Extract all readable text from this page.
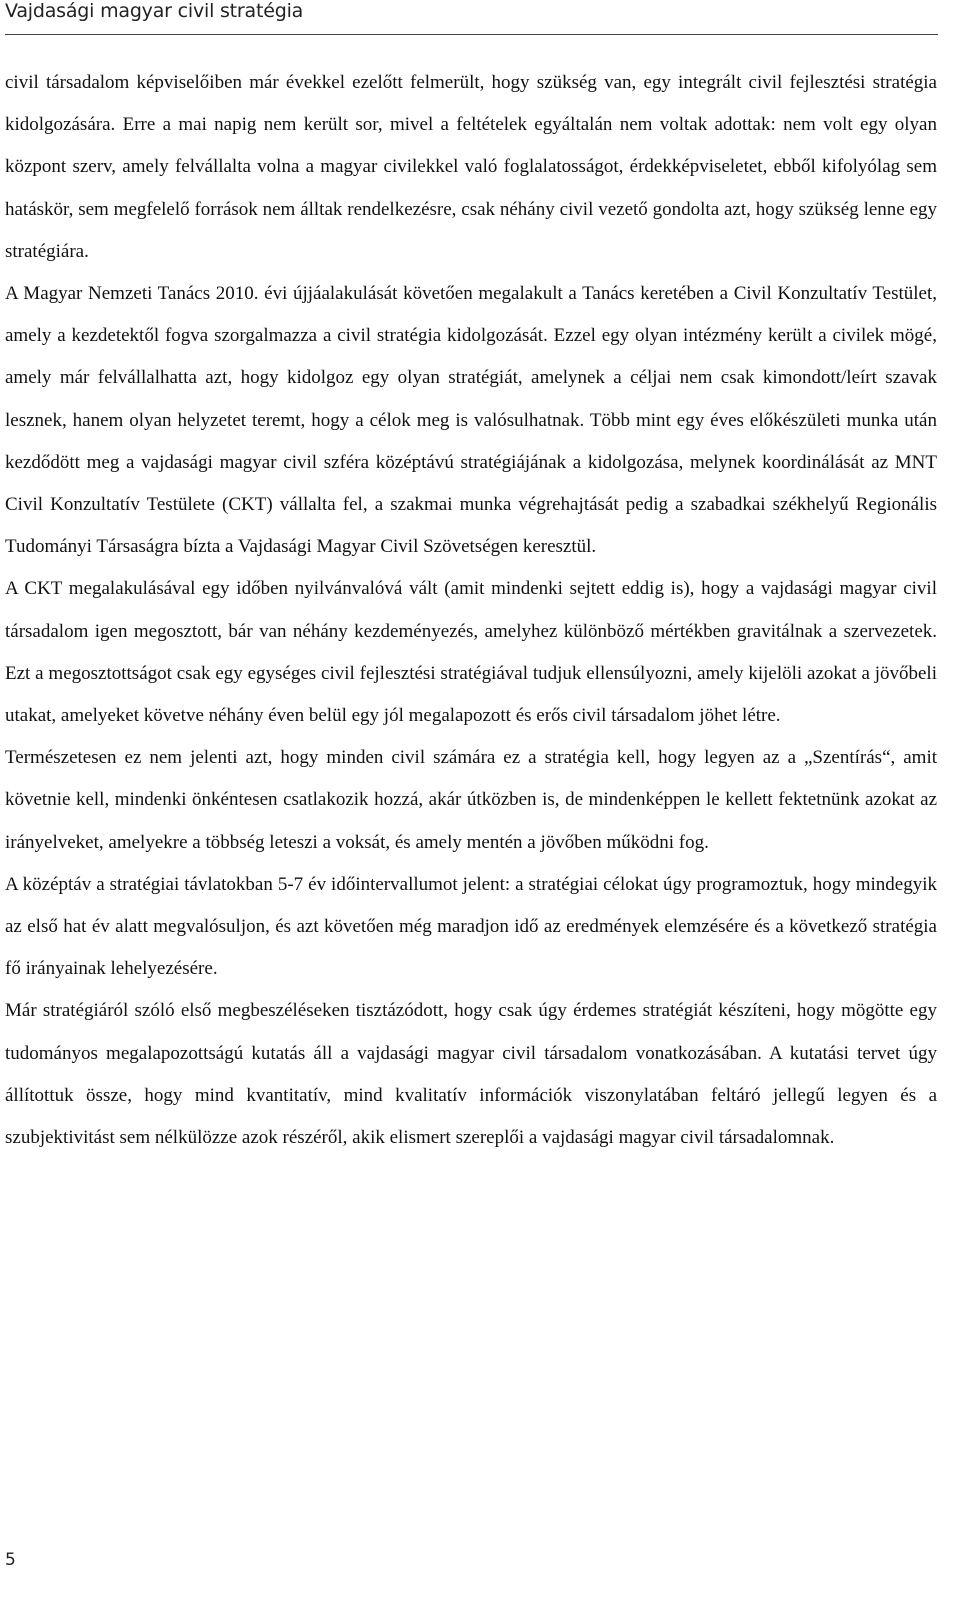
Vajdasági magyar civil stratégia

civil társadalom képviselőiben már évekkel ezelőtt felmerült, hogy szükség van, egy integrált civil fejlesztési stratégia kidolgozására. Erre a mai napig nem került sor, mivel a feltételek egyáltalán nem voltak adottak: nem volt egy olyan központ szerv, amely felvállalta volna a magyar civilekkel való foglalatosságot, érdekképviseletet, ebből kifolyólag sem hatáskör, sem megfelelő források nem álltak rendelkezésre, csak néhány civil vezető gondolta azt, hogy szükség lenne egy stratégiára.

A Magyar Nemzeti Tanács 2010. évi újjáalakulását követően megalakult a Tanács keretében a Civil Konzultatív Testület, amely a kezdetektől fogva szorgalmazza a civil stratégia kidolgozását. Ezzel egy olyan intézmény került a civilek mögé, amely már felvállalhatta azt, hogy kidolgoz egy olyan stratégiát, amelynek a céljai nem csak kimondott/leírt szavak lesznek, hanem olyan helyzetet teremt, hogy a célok meg is valósulhatnak. Több mint egy éves előkészületi munka után kezdődött meg a vajdasági magyar civil szféra középtávú stratégiájának a kidolgozása, melynek koordinálását az MNT Civil Konzultatív Testülete (CKT) vállalta fel, a szakmai munka végrehajtását pedig a szabadkai székhelyű Regionális Tudományi Társaságra bízta a Vajdasági Magyar Civil Szövetségen keresztül.

A CKT megalakulásával egy időben nyilvánvalóvá vált (amit mindenki sejtett eddig is), hogy a vajdasági magyar civil társadalom igen megosztott, bár van néhány kezdeményezés, amelyhez különböző mértékben gravitálnak a szervezetek. Ezt a megosztottságot csak egy egységes civil fejlesztési stratégiával tudjuk ellensúlyozni, amely kijelöli azokat a jövőbeli utakat, amelyeket követve néhány éven belül egy jól megalapozott és erős civil társadalom jöhet létre.

Természetesen ez nem jelenti azt, hogy minden civil számára ez a stratégia kell, hogy legyen az a „Szentírás“, amit követnie kell, mindenki önkéntesen csatlakozik hozzá, akár útközben is, de mindenképpen le kellett fektetnünk azokat az irányelveket, amelyekre a többség leteszi a voksát, és amely mentén a jövőben működni fog.

A középtáv a stratégiai távlatokban 5-7 év időintervallumot jelent: a stratégiai célokat úgy programoztuk, hogy mindegyik az első hat év alatt megvalósuljon, és azt követően még maradjon idő az eredmények elemzésére és a következő stratégia fő irányainak lehelyezésére.

Már stratégiáról szóló első megbeszéléseken tisztázódott, hogy csak úgy érdemes stratégiát készíteni, hogy mögötte egy tudományos megalapozottságú kutatás áll a vajdasági magyar civil társadalom vonatkozásában. A kutatási tervet úgy állítottuk össze, hogy mind kvantitatív, mind kvalitatív információk viszonylatában feltáró jellegű legyen és a szubjektivitást sem nélkülözze azok részéről, akik elismert szereplői a vajdasági magyar civil társadalomnak.

5
